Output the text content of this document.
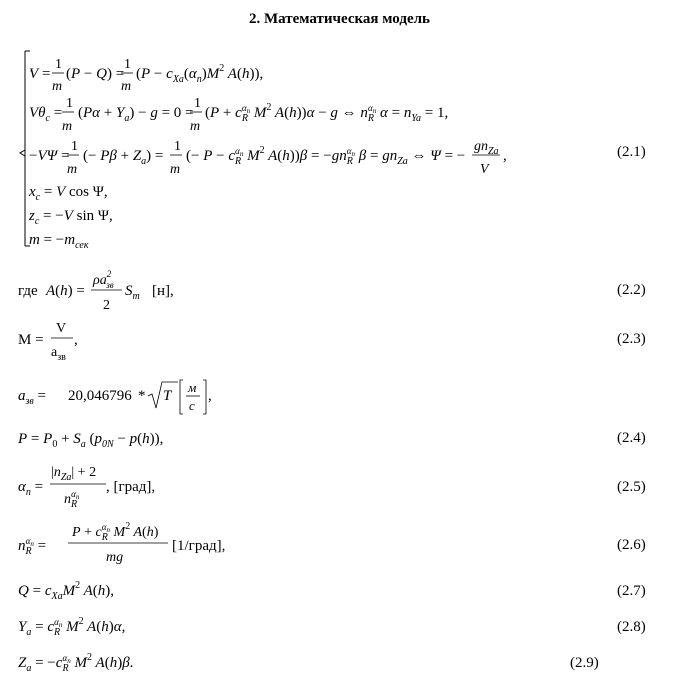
2. Математическая модель
(2.1)
(2.2)
(2.3)
(2.4)
(2.5)
(2.6)
(2.7)
(2.8)
(2.9)
V =
1
m
(P − Q) =
1
m
($P - c_{Xa}(\alpha_n)M^2$ A(h)),
$V\theta_c$ =
1
m
$(P\alpha + Y_a) - g = 0$ =
1
m
($P + c_R\alpha n$ $M^2$ A(h))α − g ⇔ $n_R\alpha n$ $\alpha = n_{Ya} = 1$,
−VΨ =
1
m
(− $P\beta + Z_a$) =
1
m
(− $P - c_R\alpha n$ $M^2$ $A(h))\beta = -gn_R\alpha n$ $\beta = gn_{Za}$ ⇔ Ψ = −
$gn_{Za}$
V
,
$x_c = V$ cos Ψ,
$z_c = -V$ sin Ψ,
$m = -m_{сек}$
где A(h) =
$\rho a^2$ зв
2
$S_m$ [н],
M =
V
$а_{зв}$
,
$a_{зв} = 20,046796 * T$
м
с
,
$P = P_0 + S_a$ $(p_{0N} - p(h))$,
$\alpha_n$ =
$|n_{Za}| + 2$
$n_R\alpha n$
, [град],
$n_R\alpha n$ =
$P + c_R\alpha n$ $M^2$ A(h)
mg
[1/град],
$Q = c_{Xa}M^2$ A(h),
$Y_a = c_R\alpha n$ $M^2$ A(h)α,
$Z_a = -c_R\alpha n$ $M^2$ A(h)β.
